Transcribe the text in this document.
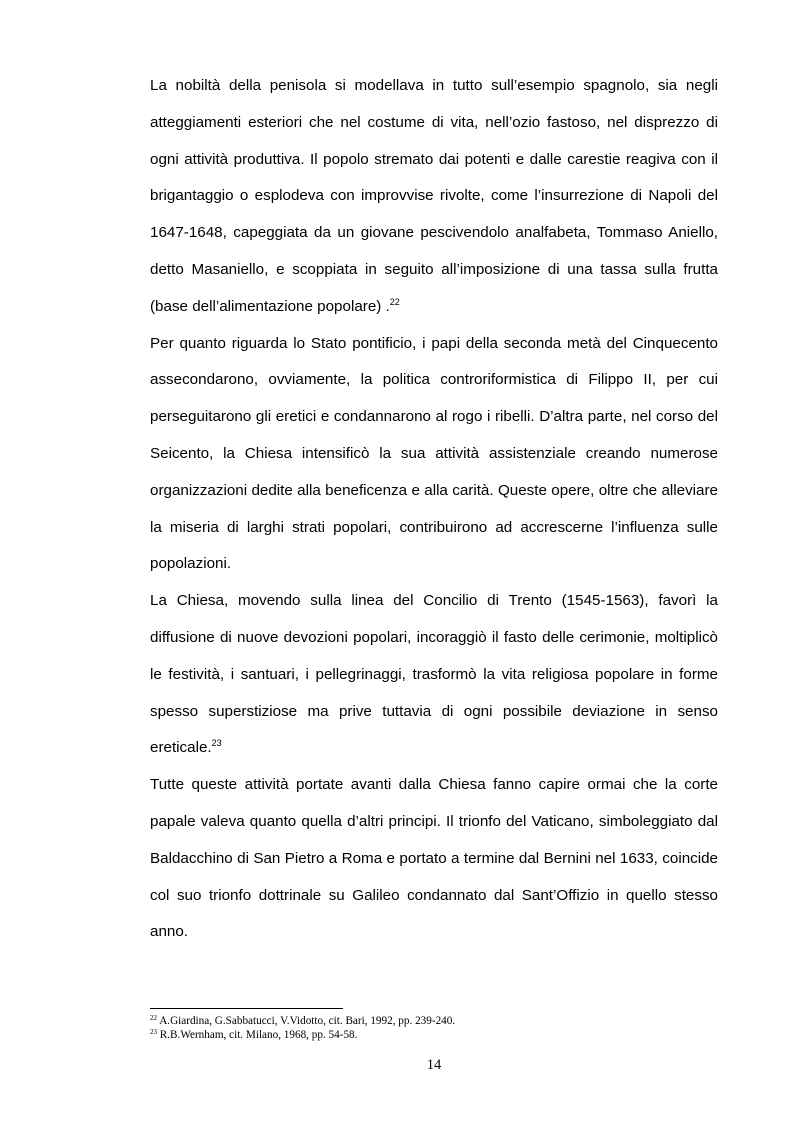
La nobiltà della penisola si modellava in tutto sull’esempio spagnolo, sia negli atteggiamenti esteriori che nel costume di vita, nell’ozio fastoso, nel disprezzo di ogni attività produttiva. Il popolo stremato dai potenti e dalle carestie reagiva con il brigantaggio o esplodeva con improvvise rivolte, come l’insurrezione di Napoli del 1647-1648, capeggiata da un giovane pescivendolo analfabeta, Tommaso Aniello, detto Masaniello, e scoppiata in seguito all’imposizione di una tassa sulla frutta (base dell’alimentazione popolare) .$^{22}$

Per quanto riguarda lo Stato pontificio, i papi della seconda metà del Cinquecento assecondarono, ovviamente, la politica controriformistica di Filippo II, per cui perseguitarono gli eretici e condannarono al rogo i ribelli. D’altra parte, nel corso del Seicento, la Chiesa intensificò la sua attività assistenziale creando numerose organizzazioni dedite alla beneficenza e alla carità. Queste opere, oltre che alleviare la miseria di larghi strati popolari, contribuirono ad accrescerne l’influenza sulle popolazioni.

La Chiesa, movendo sulla linea del Concilio di Trento (1545-1563), favorì la diffusione di nuove devozioni popolari, incoraggiò il fasto delle cerimonie, moltiplicò le festività, i santuari, i pellegrinaggi, trasformò la vita religiosa popolare in forme spesso superstiziose ma prive tuttavia di ogni possibile deviazione in senso ereticale.$^{23}$

Tutte queste attività portate avanti dalla Chiesa fanno capire ormai che la corte papale valeva quanto quella d’altri principi. Il trionfo del Vaticano, simboleggiato dal Baldacchino di San Pietro a Roma e portato a termine dal Bernini nel 1633, coincide col suo trionfo dottrinale su Galileo condannato dal Sant’Offizio in quello stesso anno.

$^{22}$ A.Giardina, G.Sabbatucci, V.Vidotto, cit. Bari, 1992, pp. 239-240.

$^{23}$ R.B.Wernham, cit. Milano, 1968, pp. 54-58.

14
